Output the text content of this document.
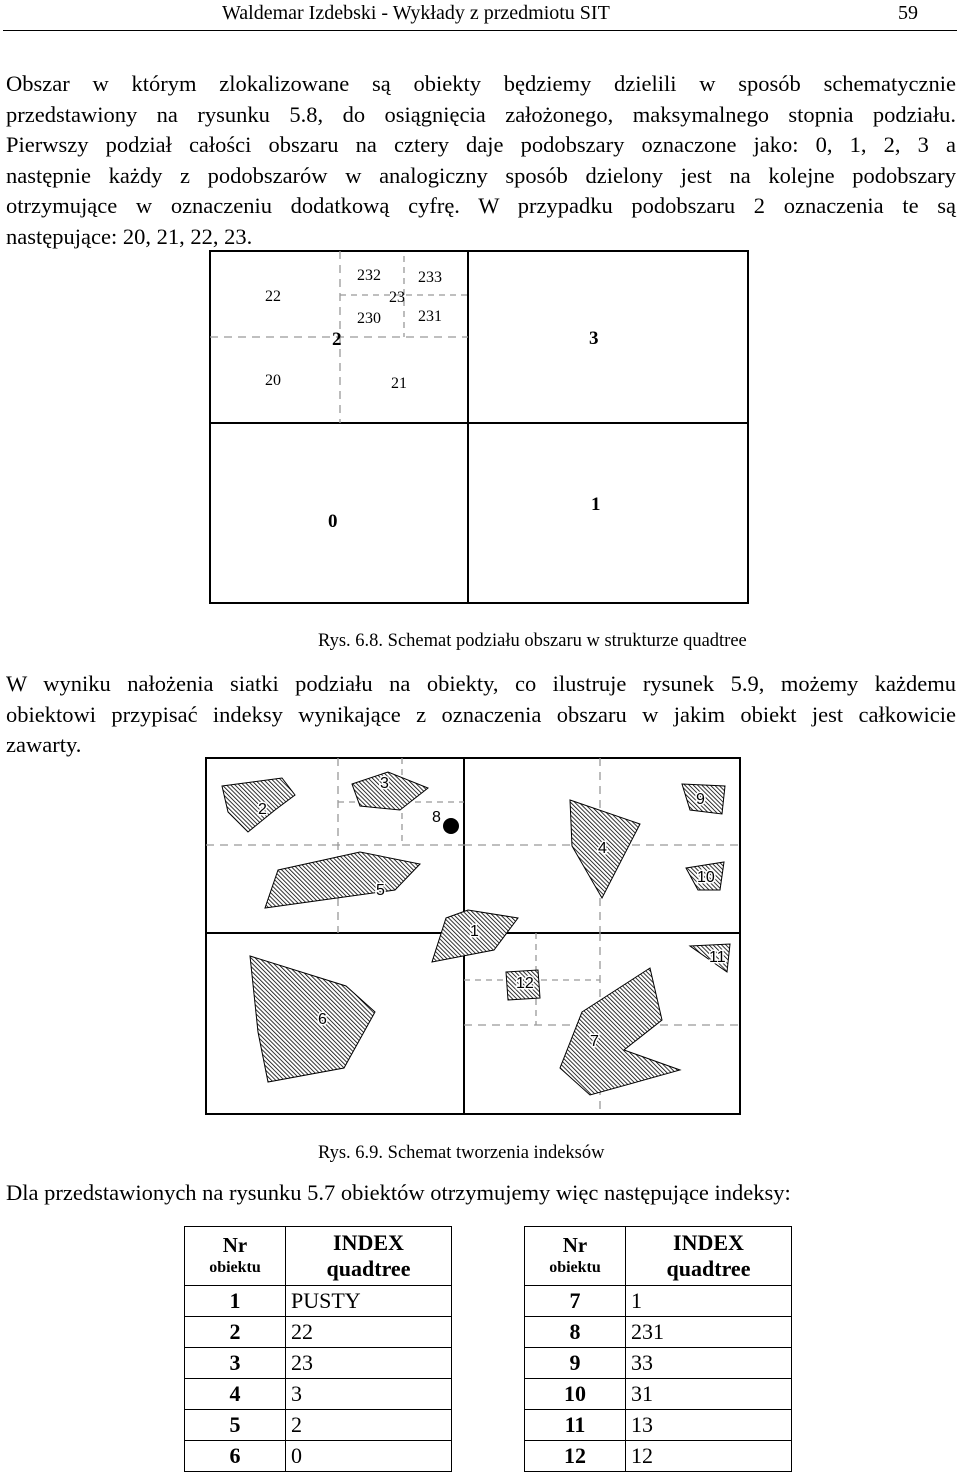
Waldemar Izdebski - Wykłady z przedmiotu SIT	59
Obszar w którym zlokalizowane są obiekty będziemy dzielili w sposób schematycznie
przedstawiony na rysunku 5.8, do osiągnięcia założonego, maksymalnego stopnia podziału.
Pierwszy podział całości obszaru na cztery daje podobszary oznaczone jako: 0, 1, 2, 3 a
następnie każdy z podobszarów w analogiczny sposób dzielony jest na kolejne podobszary
otrzymujące w oznaczeniu dodatkową cyfrę. W przypadku podobszaru 2 oznaczenia te są
następujące: 20, 21, 22, 23.
22
232 233
23
230 231
2	3
20	21
0
1
Rys. 6.8. Schemat podziału obszaru w strukturze quadtree
W wyniku nałożenia siatki podziału na obiekty, co ilustruje rysunek 5.9, możemy każdemu
obiektowi przypisać indeksy wynikające z oznaczenia obszaru w jakim obiekt jest całkowicie
zawarty.
2
3
8
4
9
5
10
1
11
12
6
7
Rys. 6.9. Schemat tworzenia indeksów
Dla przedstawionych na rysunku 5.7 obiektów otrzymujemy więc następujące indeksy:
Nr
obiektu	INDEX
quadtree

1	PUSTY
2	22
3	23
4	3
5	2
6	0
Nr
obiektu	INDEX
quadtree

7	1
8	231
9	33
10	31
11	13
12	12
